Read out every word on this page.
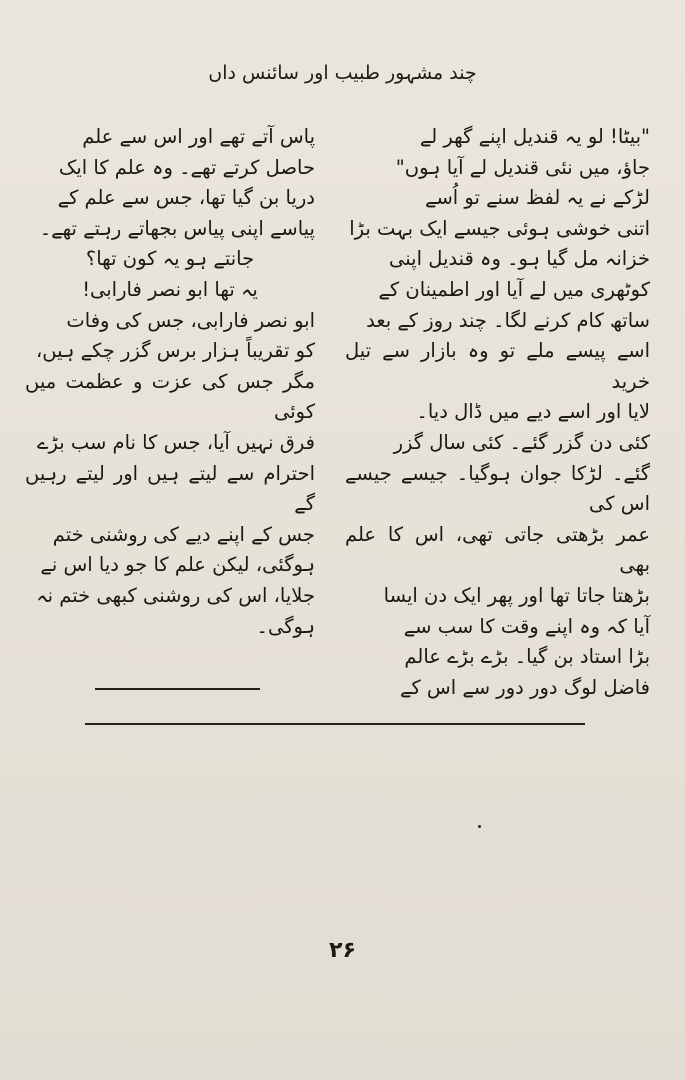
چند مشہور طبیب اور سائنس داں

"بیٹا! لو یہ قندیل اپنے گھر لے

جاؤ، میں نئی قندیل لے آیا ہوں"

لڑکے نے یہ لفظ سنے تو اُسے

اتنی خوشی ہوئی جیسے ایک بہت بڑا

خزانہ مل گیا ہو۔ وہ قندیل اپنی

کوٹھری میں لے آیا اور اطمینان کے

ساتھ کام کرنے لگا۔ چند روز کے بعد

اسے پیسے ملے تو وہ بازار سے تیل خرید

لایا اور اسے دیے میں ڈال دیا۔

کئی دن گزر گئے۔ کئی سال گزر

گئے۔ لڑکا جوان ہوگیا۔ جیسے جیسے اس کی

عمر بڑھتی جاتی تھی، اس کا علم بھی

بڑھتا جاتا تھا اور پھر ایک دن ایسا

آیا کہ وہ اپنے وقت کا سب سے

بڑا استاد بن گیا۔ بڑے بڑے عالم

فاضل لوگ دور دور سے اس کے

پاس آتے تھے اور اس سے علم

حاصل کرتے تھے۔ وہ علم کا ایک

دریا بن گیا تھا، جس سے علم کے

پیاسے اپنی پیاس بجھاتے رہتے تھے۔

جانتے ہو یہ کون تھا؟

یہ تھا ابو نصر فارابی!

ابو نصر فارابی، جس کی وفات

کو تقریباً ہزار برس گزر چکے ہیں،

مگر جس کی عزت و عظمت میں کوئی

فرق نہیں آیا، جس کا نام سب بڑے

احترام سے لیتے ہیں اور لیتے رہیں گے

جس کے اپنے دیے کی روشنی ختم

ہوگئی، لیکن علم کا جو دیا اس نے

جلایا، اس کی روشنی کبھی ختم نہ

ہوگی۔

۲۶
